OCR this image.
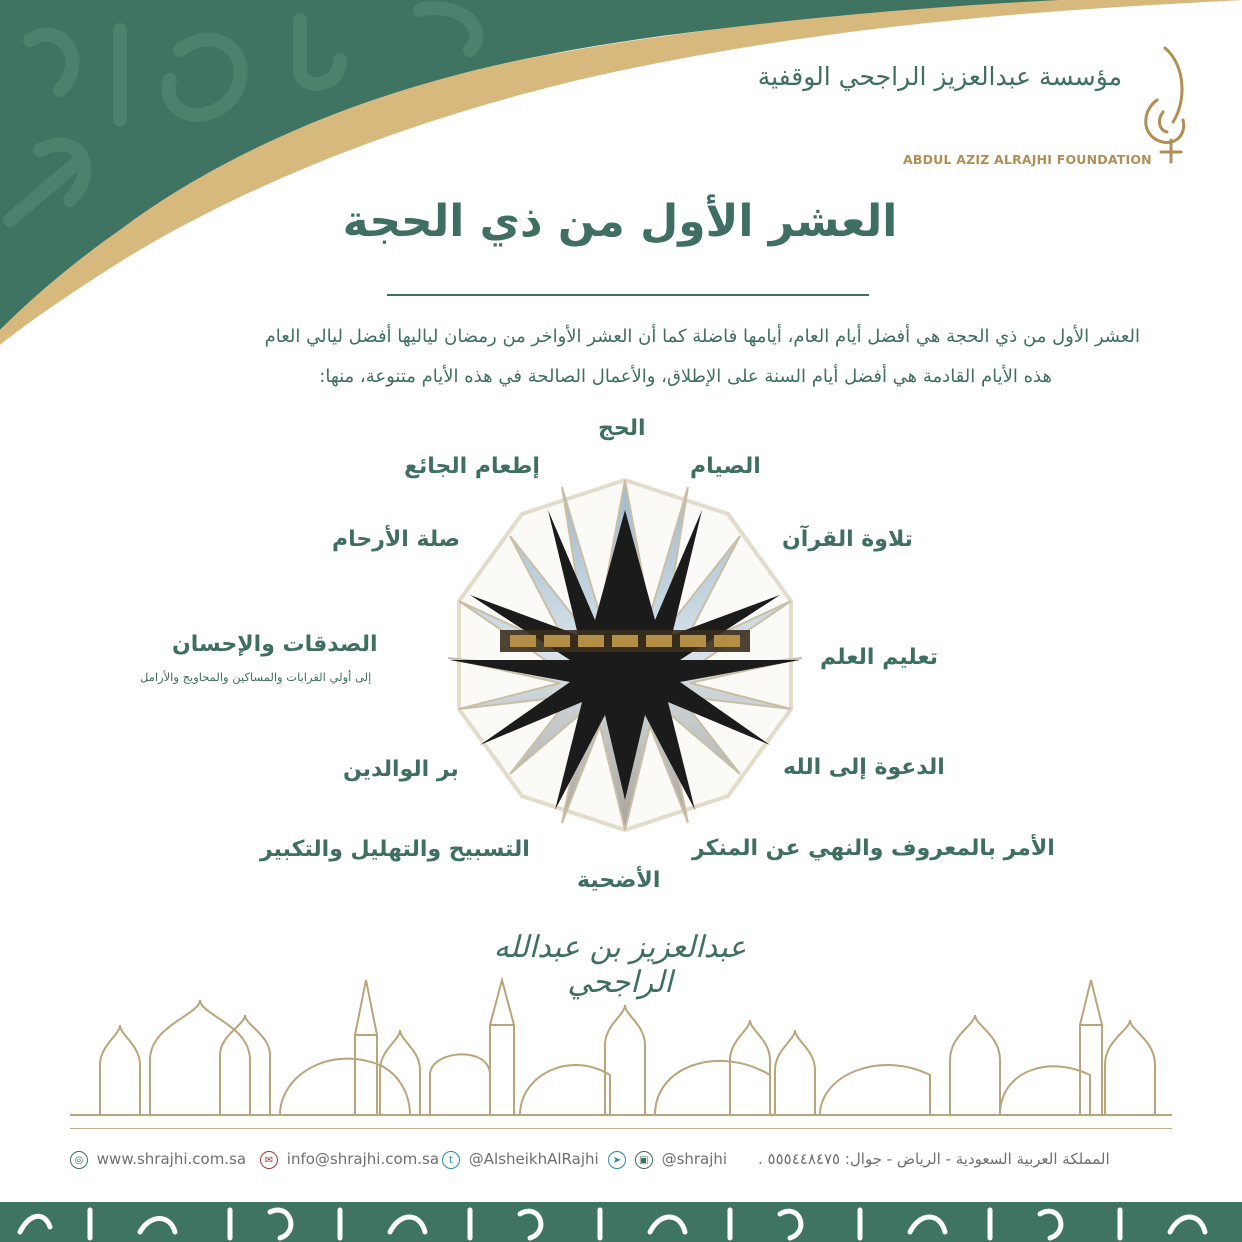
مؤسسة عبدالعزيز الراجحي الوقفية
ABDUL AZIZ ALRAJHI FOUNDATION
العشر الأول من ذي الحجة
العشر الأول من ذي الحجة هي أفضل أيام العام، أيامها فاضلة كما أن العشر الأواخر من رمضان لياليها أفضل ليالي العام
هذه الأيام القادمة هي أفضل أيام السنة على الإطلاق، والأعمال الصالحة في هذه الأيام متنوعة، منها:
الحج
الصيام
تلاوة القرآن
تعليم العلم
الدعوة إلى الله
الأمر بالمعروف والنهي عن المنكر
الأضحية
التسبيح والتهليل والتكبير
بر الوالدين
الصدقات والإحسان
إلى أولي القرابات والمساكين والمحاويج والأرامل
صلة الأرحام
إطعام الجائع
عبدالعزيز بن عبدالله الراجحي
◎ www.shrajhi.com.sa	✉ info@shrajhi.com.sa	t @AlsheikhAlRajhi	➤ ▣ @shrajhi المملكة العربية السعودية - الرياض - جوال: ٥٥٥٤٤٨٤٧٥ .
